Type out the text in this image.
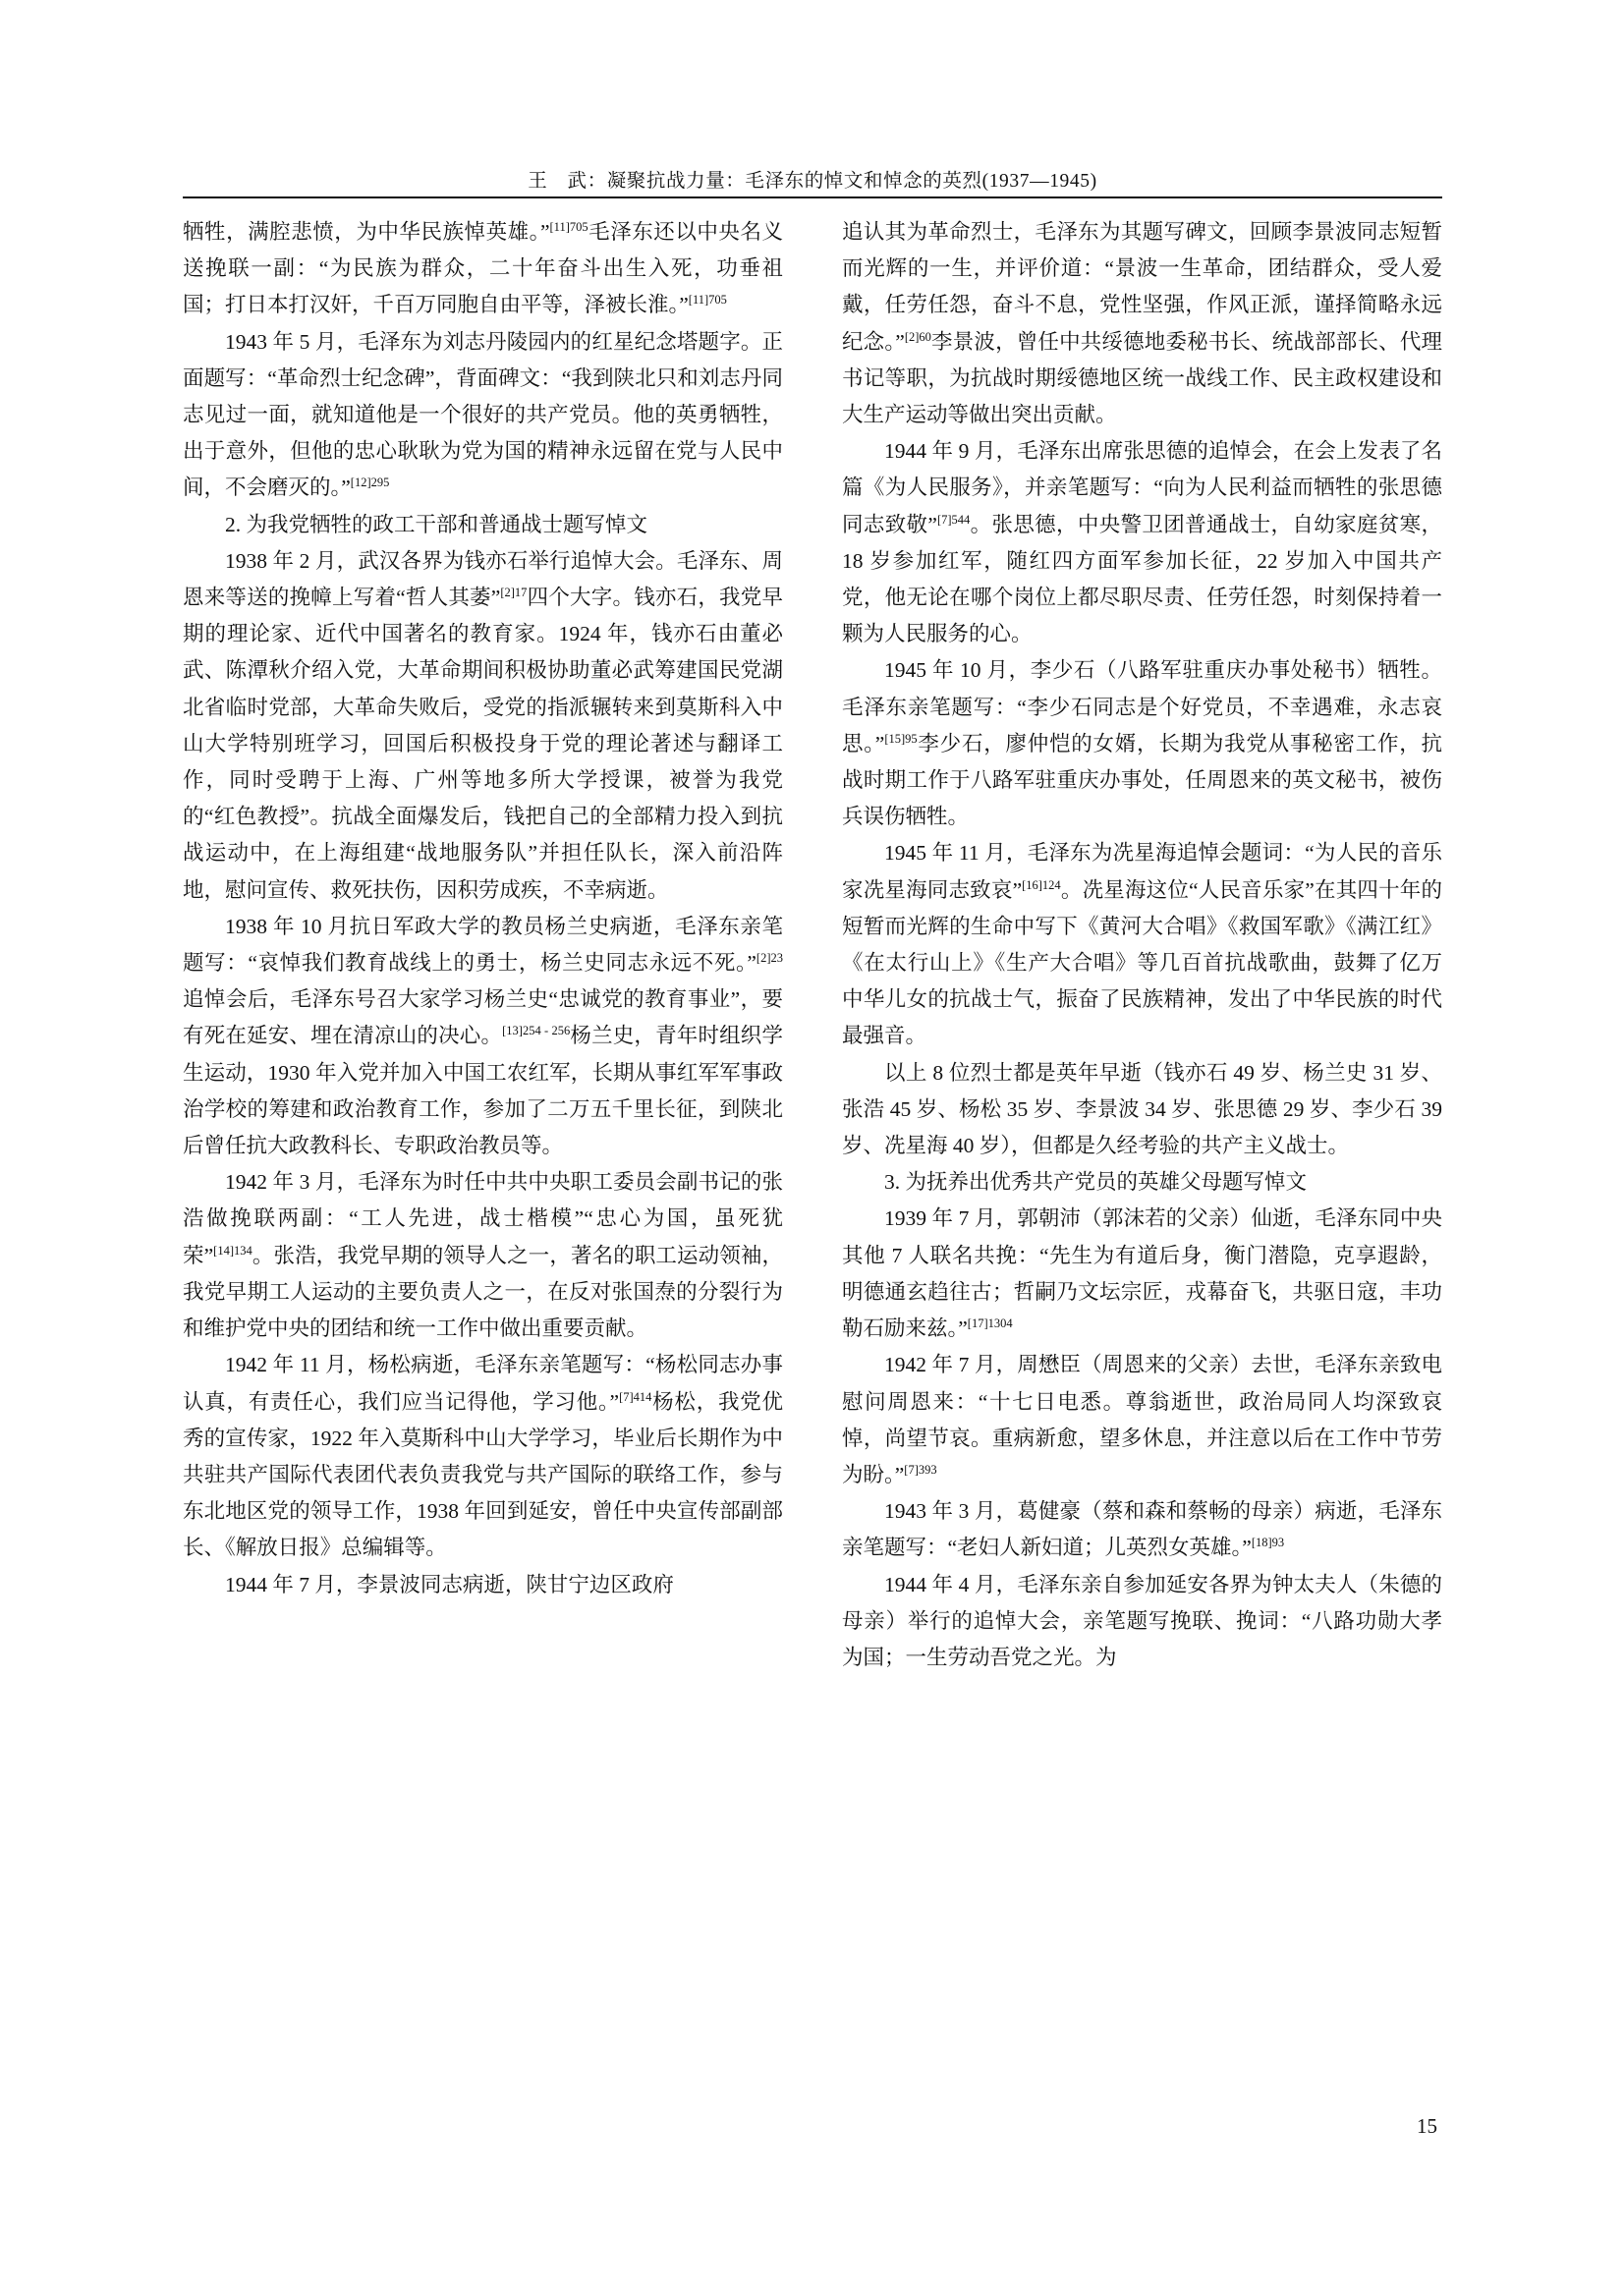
王　武：凝聚抗战力量：毛泽东的悼文和悼念的英烈(1937—1945)

牺牲，满腔悲愤，为中华民族悼英雄。”$^{[11]705}$毛泽东还以中央名义送挽联一副：“为民族为群众，二十年奋斗出生入死，功垂祖国；打日本打汉奸，千百万同胞自由平等，泽被长淮。”$^{[11]705}$

1943 年 5 月，毛泽东为刘志丹陵园内的红星纪念塔题字。正面题写：“革命烈士纪念碑”，背面碑文：“我到陕北只和刘志丹同志见过一面，就知道他是一个很好的共产党员。他的英勇牺牲，出于意外，但他的忠心耿耿为党为国的精神永远留在党与人民中间，不会磨灭的。”$^{[12]295}$

2. 为我党牺牲的政工干部和普通战士题写悼文

1938 年 2 月，武汉各界为钱亦石举行追悼大会。毛泽东、周恩来等送的挽幛上写着“哲人其萎”$^{[2]17}$四个大字。钱亦石，我党早期的理论家、近代中国著名的教育家。1924 年，钱亦石由董必武、陈潭秋介绍入党，大革命期间积极协助董必武筹建国民党湖北省临时党部，大革命失败后，受党的指派辗转来到莫斯科入中山大学特别班学习，回国后积极投身于党的理论著述与翻译工作，同时受聘于上海、广州等地多所大学授课，被誉为我党的“红色教授”。抗战全面爆发后，钱把自己的全部精力投入到抗战运动中，在上海组建“战地服务队”并担任队长，深入前沿阵地，慰问宣传、救死扶伤，因积劳成疾，不幸病逝。

1938 年 10 月抗日军政大学的教员杨兰史病逝，毛泽东亲笔题写：“哀悼我们教育战线上的勇士，杨兰史同志永远不死。”$^{[2]23}$追悼会后，毛泽东号召大家学习杨兰史“忠诚党的教育事业”，要有死在延安、埋在清凉山的决心。$^{[13]254 - 256}$杨兰史，青年时组织学生运动，1930 年入党并加入中国工农红军，长期从事红军军事政治学校的筹建和政治教育工作，参加了二万五千里长征，到陕北后曾任抗大政教科长、专职政治教员等。

1942 年 3 月，毛泽东为时任中共中央职工委员会副书记的张浩做挽联两副：“工人先进，战士楷模”“忠心为国，虽死犹荣”$^{[14]134}$。张浩，我党早期的领导人之一，著名的职工运动领袖，我党早期工人运动的主要负责人之一，在反对张国焘的分裂行为和维护党中央的团结和统一工作中做出重要贡献。

1942 年 11 月，杨松病逝，毛泽东亲笔题写：“杨松同志办事认真，有责任心，我们应当记得他，学习他。”$^{[7]414}$杨松，我党优秀的宣传家，1922 年入莫斯科中山大学学习，毕业后长期作为中共驻共产国际代表团代表负责我党与共产国际的联络工作，参与东北地区党的领导工作，1938 年回到延安，曾任中央宣传部副部长、《解放日报》总编辑等。

1944 年 7 月，李景波同志病逝，陕甘宁边区政府

追认其为革命烈士，毛泽东为其题写碑文，回顾李景波同志短暂而光辉的一生，并评价道：“景波一生革命，团结群众，受人爱戴，任劳任怨，奋斗不息，党性坚强，作风正派，谨择简略永远纪念。”$^{[2]60}$李景波，曾任中共绥德地委秘书长、统战部部长、代理书记等职，为抗战时期绥德地区统一战线工作、民主政权建设和大生产运动等做出突出贡献。

1944 年 9 月，毛泽东出席张思德的追悼会，在会上发表了名篇《为人民服务》，并亲笔题写：“向为人民利益而牺牲的张思德同志致敬”$^{[7]544}$。张思德，中央警卫团普通战士，自幼家庭贫寒，18 岁参加红军，随红四方面军参加长征，22 岁加入中国共产党，他无论在哪个岗位上都尽职尽责、任劳任怨，时刻保持着一颗为人民服务的心。

1945 年 10 月，李少石（八路军驻重庆办事处秘书）牺牲。毛泽东亲笔题写：“李少石同志是个好党员，不幸遇难，永志哀思。”$^{[15]95}$李少石，廖仲恺的女婿，长期为我党从事秘密工作，抗战时期工作于八路军驻重庆办事处，任周恩来的英文秘书，被伤兵误伤牺牲。

1945 年 11 月，毛泽东为冼星海追悼会题词：“为人民的音乐家冼星海同志致哀”$^{[16]124}$。冼星海这位“人民音乐家”在其四十年的短暂而光辉的生命中写下《黄河大合唱》《救国军歌》《满江红》《在太行山上》《生产大合唱》等几百首抗战歌曲，鼓舞了亿万中华儿女的抗战士气，振奋了民族精神，发出了中华民族的时代最强音。

以上 8 位烈士都是英年早逝（钱亦石 49 岁、杨兰史 31 岁、张浩 45 岁、杨松 35 岁、李景波 34 岁、张思德 29 岁、李少石 39 岁、冼星海 40 岁），但都是久经考验的共产主义战士。

3. 为抚养出优秀共产党员的英雄父母题写悼文

1939 年 7 月，郭朝沛（郭沫若的父亲）仙逝，毛泽东同中央其他 7 人联名共挽：“先生为有道后身，衡门潜隐，克享遐龄，明德通玄趋往古；哲嗣乃文坛宗匠，戎幕奋飞，共驱日寇，丰功勒石励来兹。”$^{[17]1304}$

1942 年 7 月，周懋臣（周恩来的父亲）去世，毛泽东亲致电慰问周恩来：“十七日电悉。尊翁逝世，政治局同人均深致哀悼，尚望节哀。重病新愈，望多休息，并注意以后在工作中节劳为盼。”$^{[7]393}$

1943 年 3 月，葛健豪（蔡和森和蔡畅的母亲）病逝，毛泽东亲笔题写：“老妇人新妇道；儿英烈女英雄。”$^{[18]93}$

1944 年 4 月，毛泽东亲自参加延安各界为钟太夫人（朱德的母亲）举行的追悼大会，亲笔题写挽联、挽词：“八路功勋大孝为国；一生劳动吾党之光。为

15
